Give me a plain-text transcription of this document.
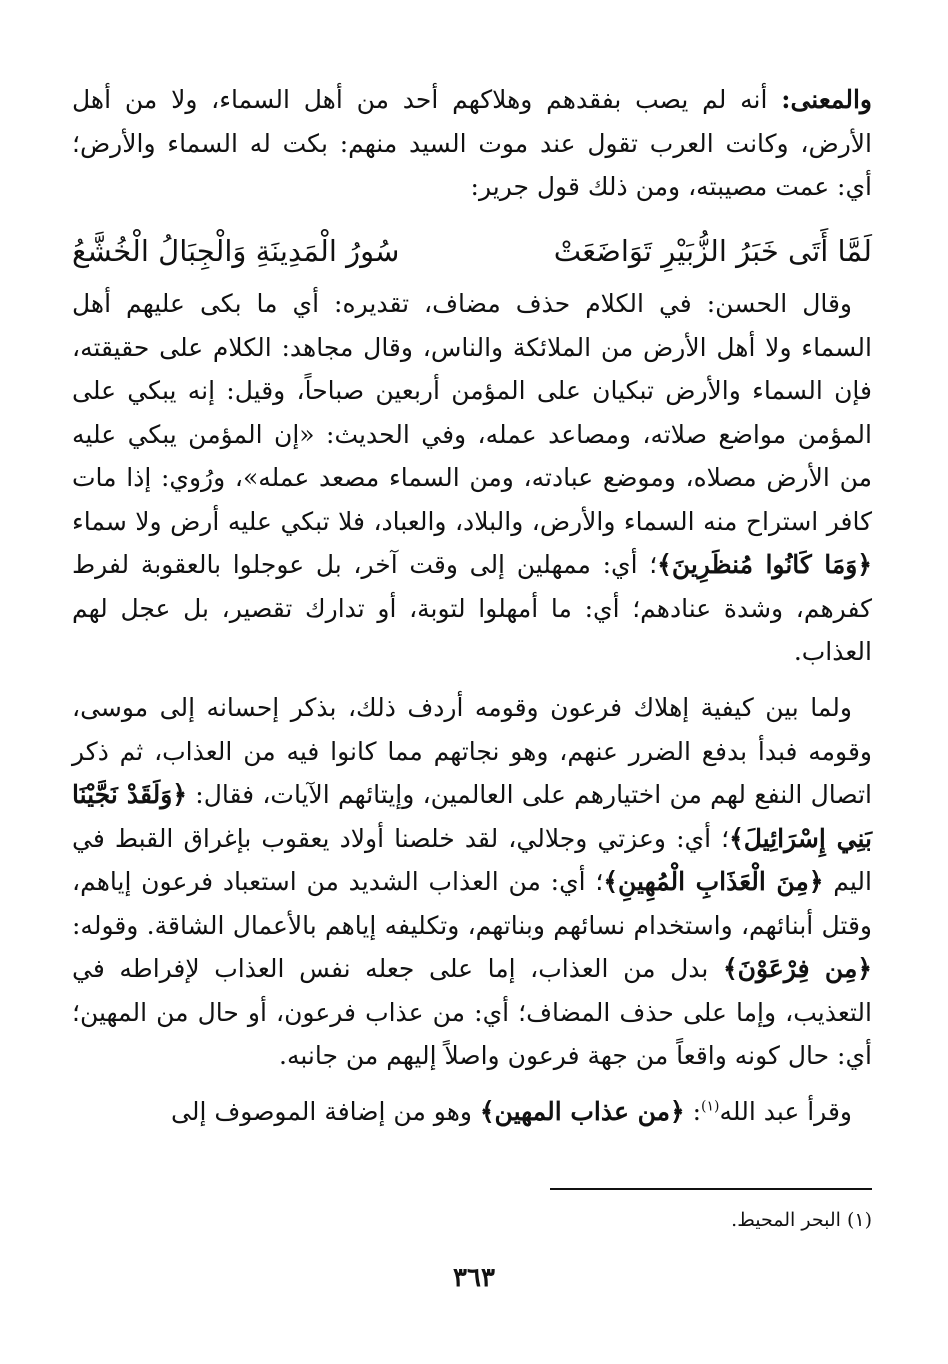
والمعنى: أنه لم يصب بفقدهم وهلاكهم أحد من أهل السماء، ولا من أهل الأرض، وكانت العرب تقول عند موت السيد منهم: بكت له السماء والأرض؛ أي: عمت مصيبته، ومن ذلك قول جرير:
لَمَّا أَتَى خَبَرُ الزُّبَيْرِ تَوَاضَعَتْ
سُورُ الْمَدِينَةِ وَالْجِبَالُ الْخُشَّعُ
وقال الحسن: في الكلام حذف مضاف، تقديره: أي ما بكى عليهم أهل السماء ولا أهل الأرض من الملائكة والناس، وقال مجاهد: الكلام على حقيقته، فإن السماء والأرض تبكيان على المؤمن أربعين صباحاً، وقيل: إنه يبكي على المؤمن مواضع صلاته، ومصاعد عمله، وفي الحديث: «إن المؤمن يبكي عليه من الأرض مصلاه، وموضع عبادته، ومن السماء مصعد عمله»، ورُوي: إذا مات كافر استراح منه السماء والأرض، والبلاد، والعباد، فلا تبكي عليه أرض ولا سماء ﴿وَمَا كَانُوا مُنظَرِينَ﴾؛ أي: ممهلين إلى وقت آخر، بل عوجلوا بالعقوبة لفرط كفرهم، وشدة عنادهم؛ أي: ما أمهلوا لتوبة، أو تدارك تقصير، بل عجل لهم العذاب.
ولما بين كيفية إهلاك فرعون وقومه أردف ذلك، بذكر إحسانه إلى موسى، وقومه فبدأ بدفع الضرر عنهم، وهو نجاتهم مما كانوا فيه من العذاب، ثم ذكر اتصال النفع لهم من اختيارهم على العالمين، وإيتائهم الآيات، فقال: ﴿وَلَقَدْ نَجَّيْنَا بَنِي إِسْرَائِيلَ﴾؛ أي: وعزتي وجلالي، لقد خلصنا أولاد يعقوب بإغراق القبط في اليم ﴿مِنَ الْعَذَابِ الْمُهِينِ﴾؛ أي: من العذاب الشديد من استعباد فرعون إياهم، وقتل أبنائهم، واستخدام نسائهم وبناتهم، وتكليفه إياهم بالأعمال الشاقة. وقوله: ﴿مِن فِرْعَوْنَ﴾ بدل من العذاب، إما على جعله نفس العذاب لإفراطه في التعذيب، وإما على حذف المضاف؛ أي: من عذاب فرعون، أو حال من المهين؛ أي: حال كونه واقعاً من جهة فرعون واصلاً إليهم من جانبه.
وقرأ عبد الله$^{(١)}$: ﴿من عذاب المهين﴾ وهو من إضافة الموصوف إلى
(١) البحر المحيط.
٣٦٣
